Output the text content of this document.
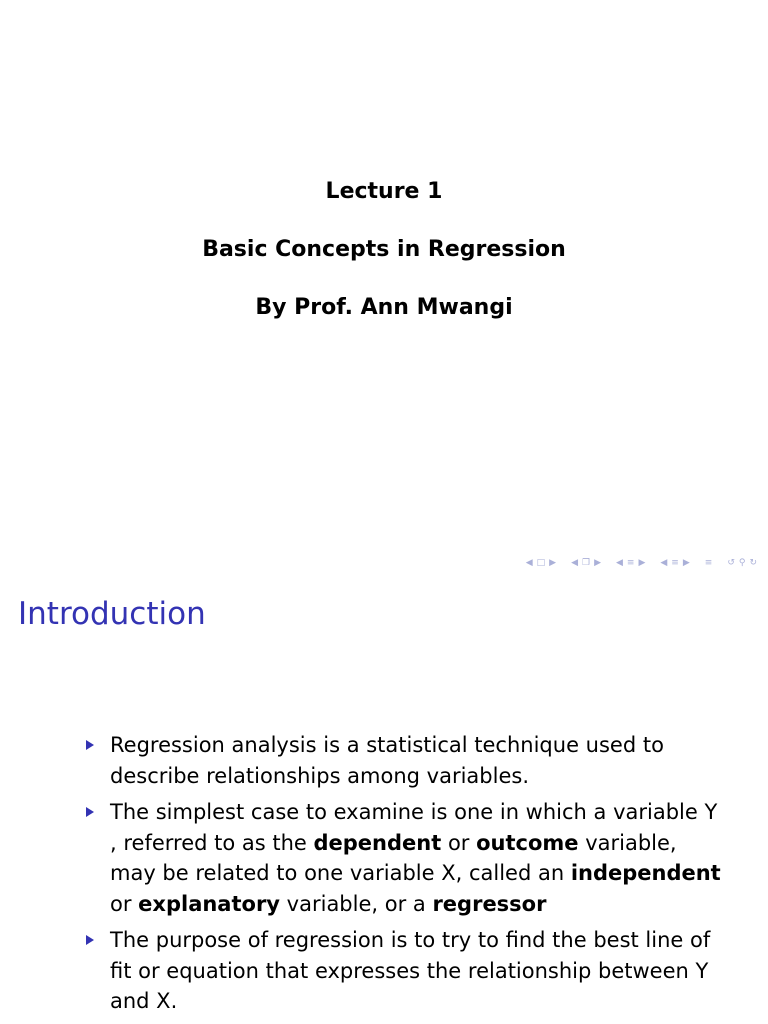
Lecture 1
Basic Concepts in Regression
By Prof. Ann Mwangi
◀ □ ▶ ◀ ❐ ▶ ◀ ≡ ▶ ◀ ≡ ▶ ≡ ↺ ⚲ ↻
Introduction
Regression analysis is a statistical technique used to describe relationships among variables.
The simplest case to examine is one in which a variable Y , referred to as the dependent or outcome variable, may be related to one variable X, called an independent or explanatory variable, or a regressor
The purpose of regression is to try to find the best line of fit or equation that expresses the relationship between Y and X.
